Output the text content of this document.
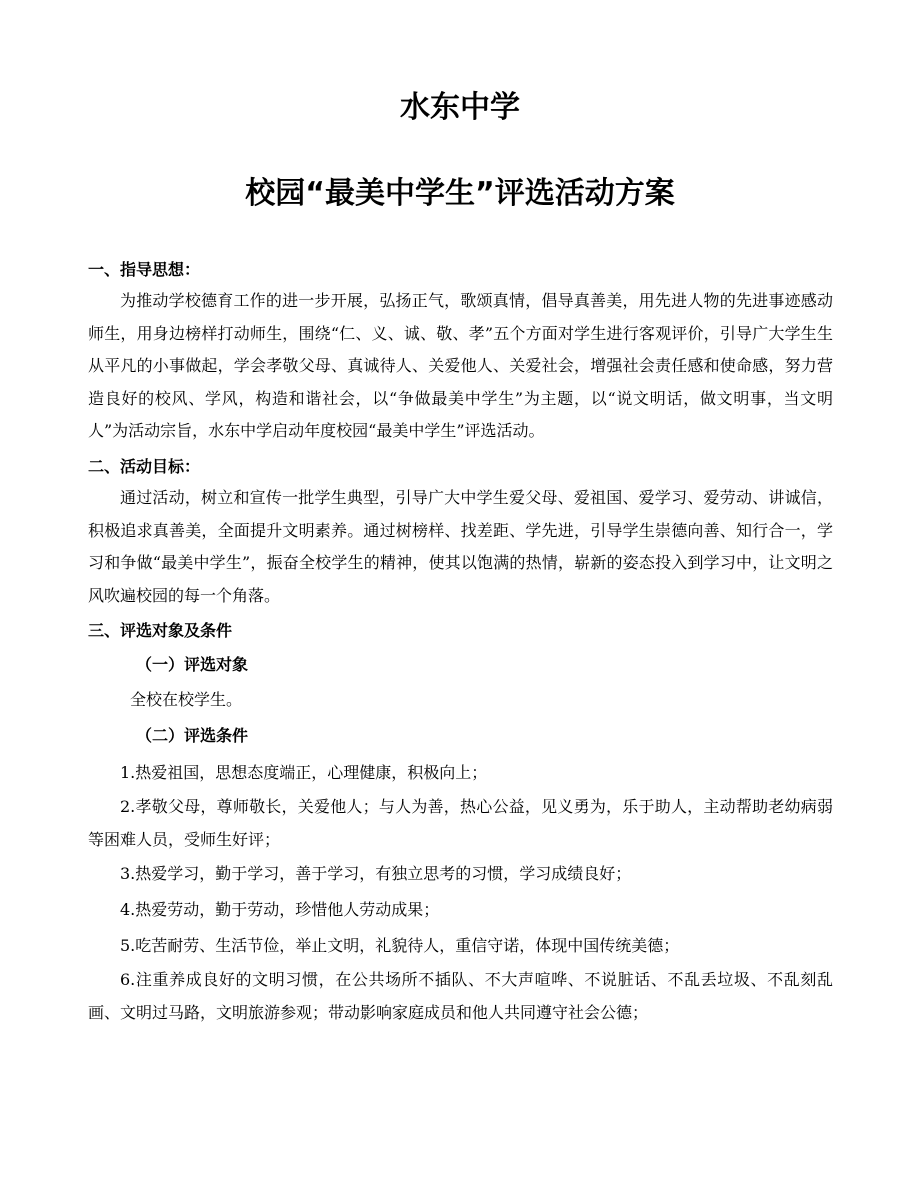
水东中学
校园“最美中学生”评选活动方案
一、指导思想：

为推动学校德育工作的进一步开展，弘扬正气，歌颂真情，倡导真善美，用先进人物的先进事迹感动师生，用身边榜样打动师生，围绕“仁、义、诚、敬、孝”五个方面对学生进行客观评价，引导广大学生生从平凡的小事做起，学会孝敬父母、真诚待人、关爱他人、关爱社会，增强社会责任感和使命感，努力营造良好的校风、学风，构造和谐社会，以“争做最美中学生”为主题，以“说文明话，做文明事，当文明人”为活动宗旨，水东中学启动年度校园“最美中学生”评选活动。

二、活动目标：

通过活动，树立和宣传一批学生典型，引导广大中学生爱父母、爱祖国、爱学习、爱劳动、讲诚信，积极追求真善美，全面提升文明素养。通过树榜样、找差距、学先进，引导学生崇德向善、知行合一，学习和争做“最美中学生”，振奋全校学生的精神，使其以饱满的热情，崭新的姿态投入到学习中，让文明之风吹遍校园的每一个角落。

三、评选对象及条件
（一）评选对象

全校在校学生。

（二）评选条件

1.热爱祖国，思想态度端正，心理健康，积极向上；

2.孝敬父母，尊师敬长，关爱他人；与人为善，热心公益，见义勇为，乐于助人，主动帮助老幼病弱等困难人员，受师生好评；

3.热爱学习，勤于学习，善于学习，有独立思考的习惯，学习成绩良好；

4.热爱劳动，勤于劳动，珍惜他人劳动成果；

5.吃苦耐劳、生活节俭，举止文明，礼貌待人，重信守诺，体现中国传统美德；

6.注重养成良好的文明习惯，在公共场所不插队、不大声喧哗、不说脏话、不乱丢垃圾、不乱刻乱画、文明过马路，文明旅游参观；带动影响家庭成员和他人共同遵守社会公德；
